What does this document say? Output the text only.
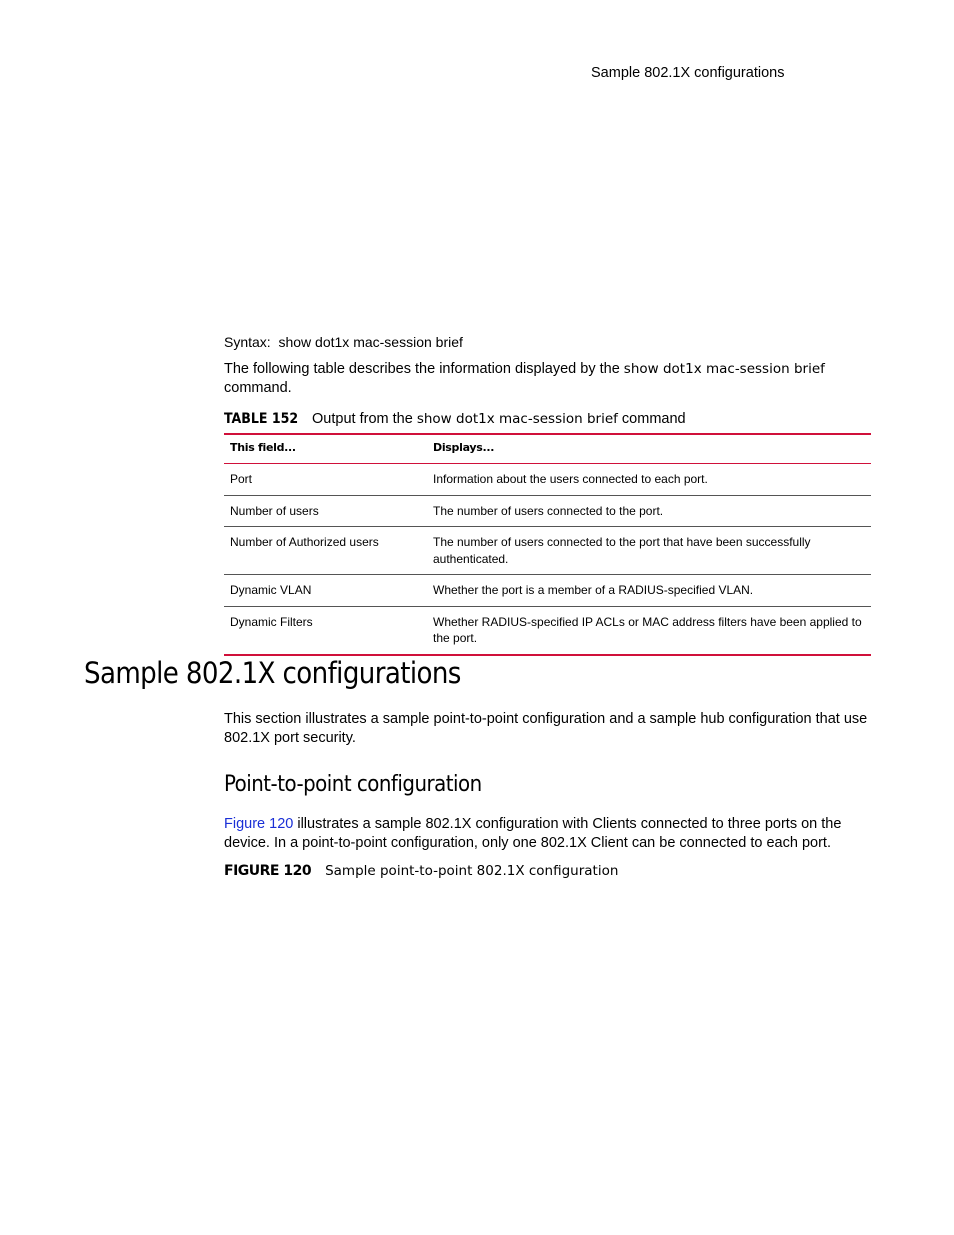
Sample 802.1X configurations
Syntax: show dot1x mac-session brief
The following table describes the information displayed by the show dot1x mac-session brief command.
TABLE 152 Output from the show dot1x mac-session brief command
This field...	Displays...
Port	Information about the users connected to each port.
Number of users	The number of users connected to the port.
Number of Authorized users	The number of users connected to the port that have been successfully authenticated.
Dynamic VLAN	Whether the port is a member of a RADIUS-specified VLAN.
Dynamic Filters	Whether RADIUS-specified IP ACLs or MAC address filters have been applied to the port.
Sample 802.1X configurations
This section illustrates a sample point-to-point configuration and a sample hub configuration that use 802.1X port security.
Point-to-point configuration
Figure 120 illustrates a sample 802.1X configuration with Clients connected to three ports on the device. In a point-to-point configuration, only one 802.1X Client can be connected to each port.
FIGURE 120 Sample point-to-point 802.1X configuration
